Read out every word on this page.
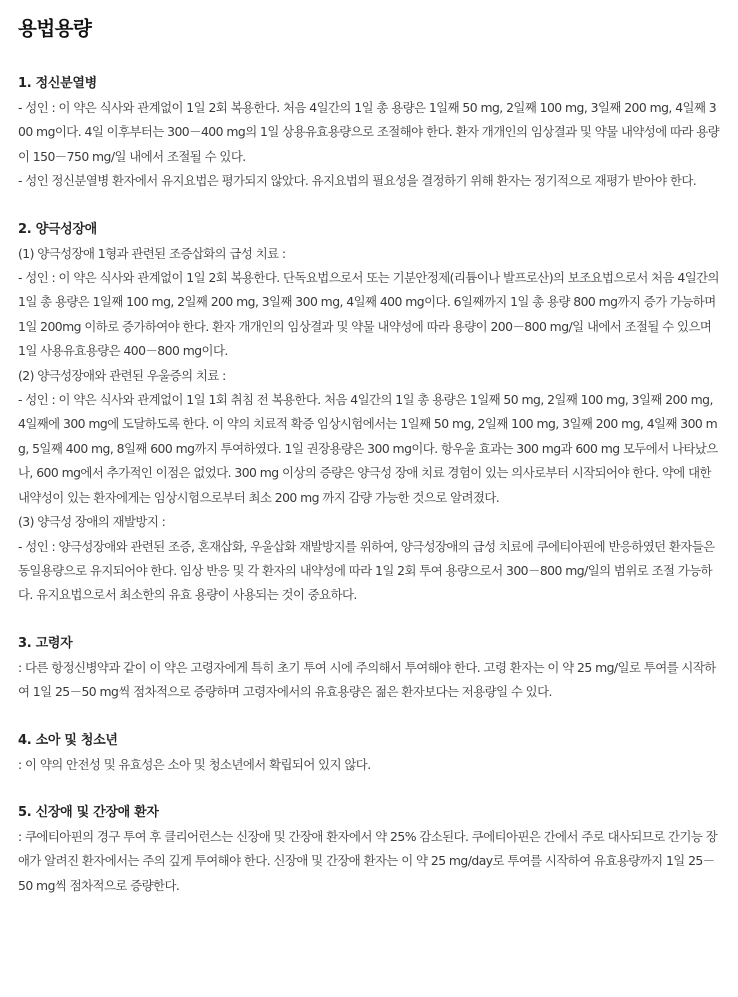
용법용량
1. 정신분열병

- 성인 : 이 약은 식사와 관계없이 1일 2회 복용한다. 처음 4일간의 1일 총 용량은 1일째 50 mg, 2일째 100 mg, 3일째 200 mg, 4일째 300 mg이다. 4일 이후부터는 300－400 mg의 1일 상용유효용량으로 조절해야 한다. 환자 개개인의 임상결과 및 약물 내약성에 따라 용량이 150－750 mg/일 내에서 조절될 수 있다.

- 성인 정신분열병 환자에서 유지요법은 평가되지 않았다. 유지요법의 필요성을 결정하기 위해 환자는 정기적으로 재평가 받아야 한다.

2. 양극성장애

(1) 양극성장애 1형과 관련된 조증삽화의 급성 치료 :

- 성인 : 이 약은 식사와 관계없이 1일 2회 복용한다. 단독요법으로서 또는 기분안정제(리튬이나 발프로산)의 보조요법으로서 처음 4일간의 1일 총 용량은 1일째 100 mg, 2일째 200 mg, 3일째 300 mg, 4일째 400 mg이다. 6일째까지 1일 총 용량 800 mg까지 증가 가능하며 1일 200mg 이하로 증가하여야 한다. 환자 개개인의 임상결과 및 약물 내약성에 따라 용량이 200－800 mg/일 내에서 조절될 수 있으며 1일 사용유효용량은 400－800 mg이다.

(2) 양극성장애와 관련된 우울증의 치료 :

- 성인 : 이 약은 식사와 관계없이 1일 1회 취침 전 복용한다. 처음 4일간의 1일 총 용량은 1일째 50 mg, 2일째 100 mg, 3일째 200 mg, 4일째에 300 mg에 도달하도록 한다. 이 약의 치료적 확증 임상시험에서는 1일째 50 mg, 2일째 100 mg, 3일째 200 mg, 4일째 300 mg, 5일째 400 mg, 8일째 600 mg까지 투여하였다. 1일 권장용량은 300 mg이다. 항우울 효과는 300 mg과 600 mg 모두에서 나타났으나, 600 mg에서 추가적인 이점은 없었다. 300 mg 이상의 증량은 양극성 장애 치료 경험이 있는 의사로부터 시작되어야 한다. 약에 대한 내약성이 있는 환자에게는 임상시험으로부터 최소 200 mg 까지 감량 가능한 것으로 알려졌다.

(3) 양극성 장애의 재발방지 :

- 성인 : 양극성장애와 관련된 조증, 혼재삽화, 우울삽화 재발방지를 위하여, 양극성장애의 급성 치료에 쿠에티아핀에 반응하였던 환자들은 동일용량으로 유지되어야 한다. 임상 반응 및 각 환자의 내약성에 따라 1일 2회 투여 용량으로서 300－800 mg/일의 범위로 조절 가능하다. 유지요법으로서 최소한의 유효 용량이 사용되는 것이 중요하다.

3. 고령자

: 다른 항정신병약과 같이 이 약은 고령자에게 특히 초기 투여 시에 주의해서 투여해야 한다. 고령 환자는 이 약 25 mg/일로 투여를 시작하여 1일 25－50 mg씩 점차적으로 증량하며 고령자에서의 유효용량은 젊은 환자보다는 저용량일 수 있다.

4. 소아 및 청소년

: 이 약의 안전성 및 유효성은 소아 및 청소년에서 확립되어 있지 않다.

5. 신장애 및 간장애 환자

: 쿠에티아핀의 경구 투여 후 클리어런스는 신장애 및 간장애 환자에서 약 25% 감소된다. 쿠에티아핀은 간에서 주로 대사되므로 간기능 장애가 알려진 환자에서는 주의 깊게 투여해야 한다. 신장애 및 간장애 환자는 이 약 25 mg/day로 투여를 시작하여 유효용량까지 1일 25－50 mg씩 점차적으로 증량한다.
